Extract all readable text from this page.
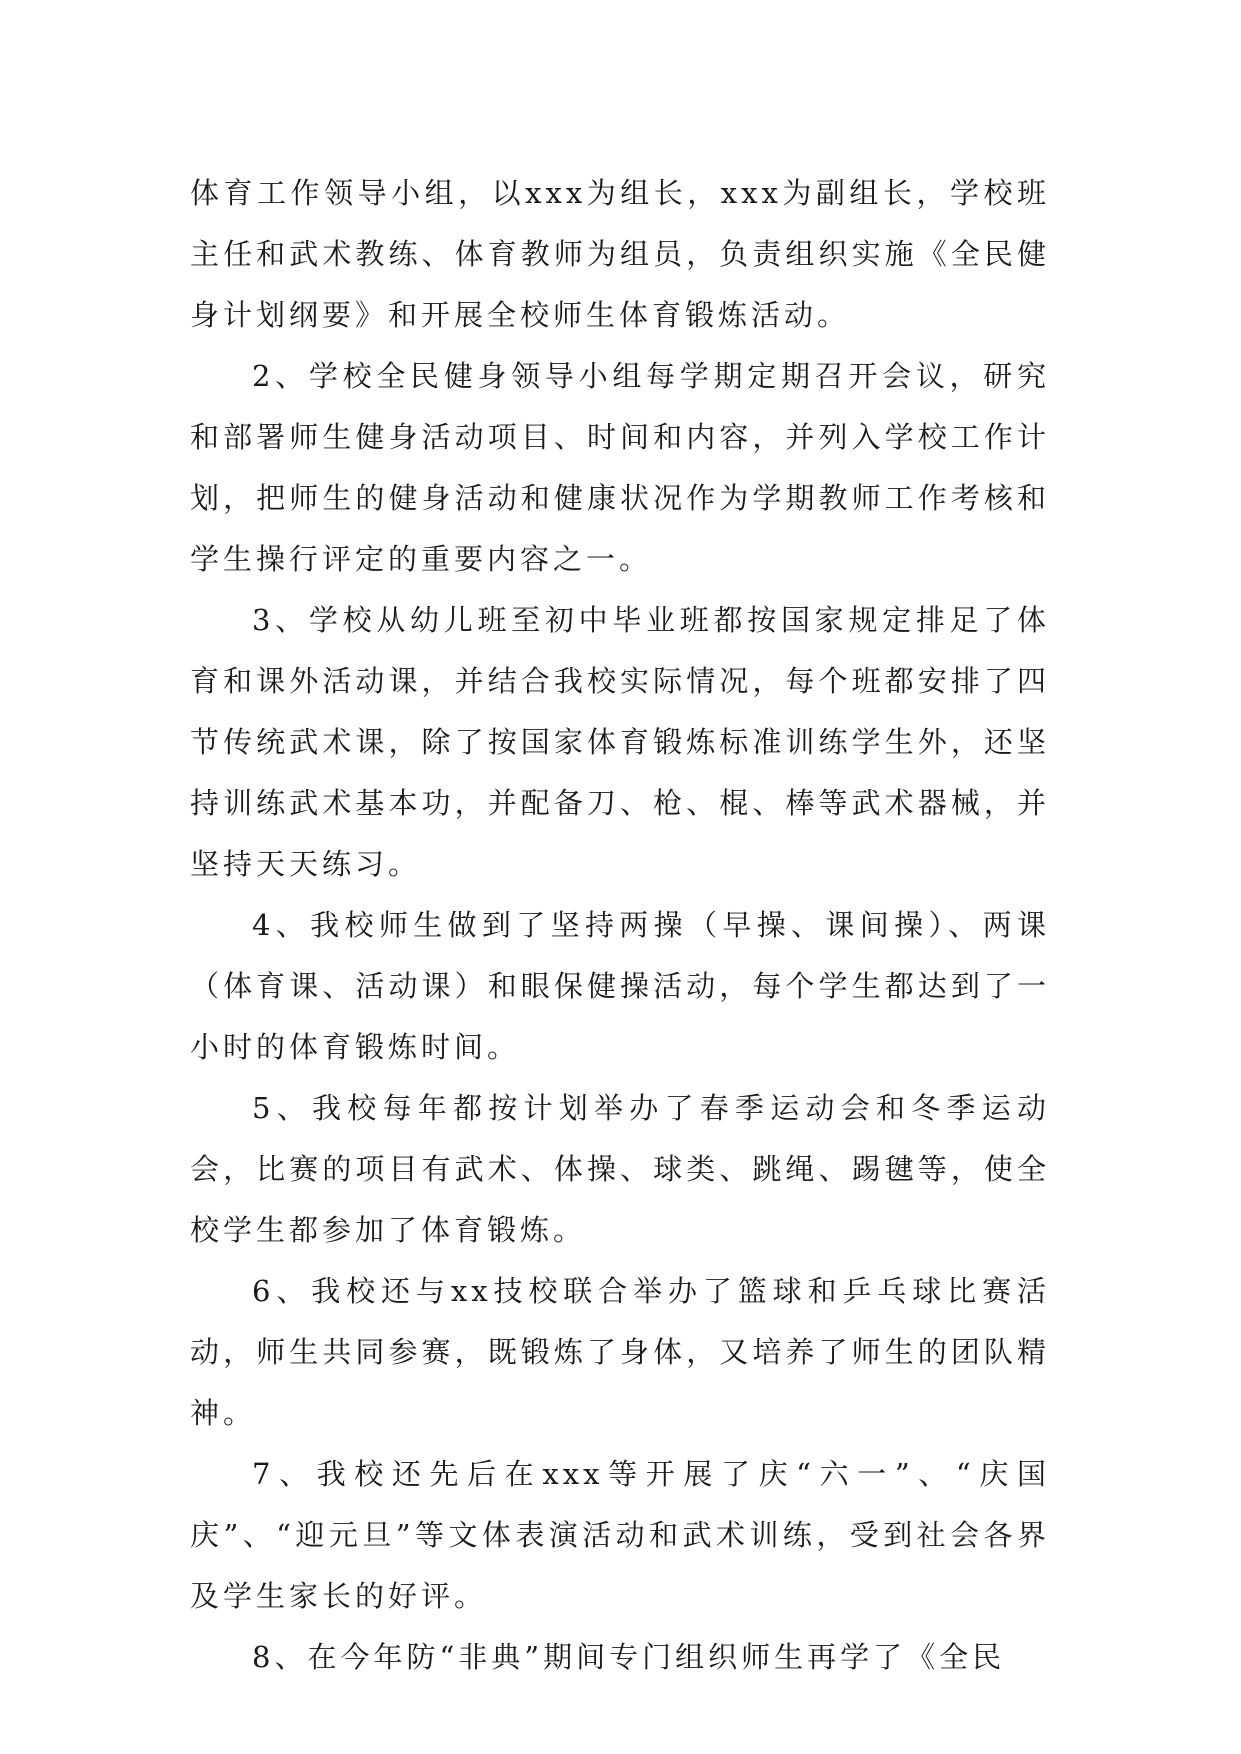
体育工作领导小组，以xxx为组长，xxx为副组长，学校班主任和武术教练、体育教师为组员，负责组织实施《全民健身计划纲要》和开展全校师生体育锻炼活动。

2、学校全民健身领导小组每学期定期召开会议，研究和部署师生健身活动项目、时间和内容，并列入学校工作计划，把师生的健身活动和健康状况作为学期教师工作考核和学生操行评定的重要内容之一。

3、学校从幼儿班至初中毕业班都按国家规定排足了体育和课外活动课，并结合我校实际情况，每个班都安排了四节传统武术课，除了按国家体育锻炼标准训练学生外，还坚持训练武术基本功，并配备刀、枪、棍、棒等武术器械，并坚持天天练习。

4、我校师生做到了坚持两操（早操、课间操）、两课（体育课、活动课）和眼保健操活动，每个学生都达到了一小时的体育锻炼时间。

5、我校每年都按计划举办了春季运动会和冬季运动会，比赛的项目有武术、体操、球类、跳绳、踢毽等，使全校学生都参加了体育锻炼。

6、我校还与xx技校联合举办了篮球和乒乓球比赛活动，师生共同参赛，既锻炼了身体，又培养了师生的团队精神。

7、我校还先后在xxx等开展了庆“六一”、“庆国庆”、“迎元旦”等文体表演活动和武术训练，受到社会各界及学生家长的好评。

8、在今年防“非典”期间专门组织师生再学了《全民
